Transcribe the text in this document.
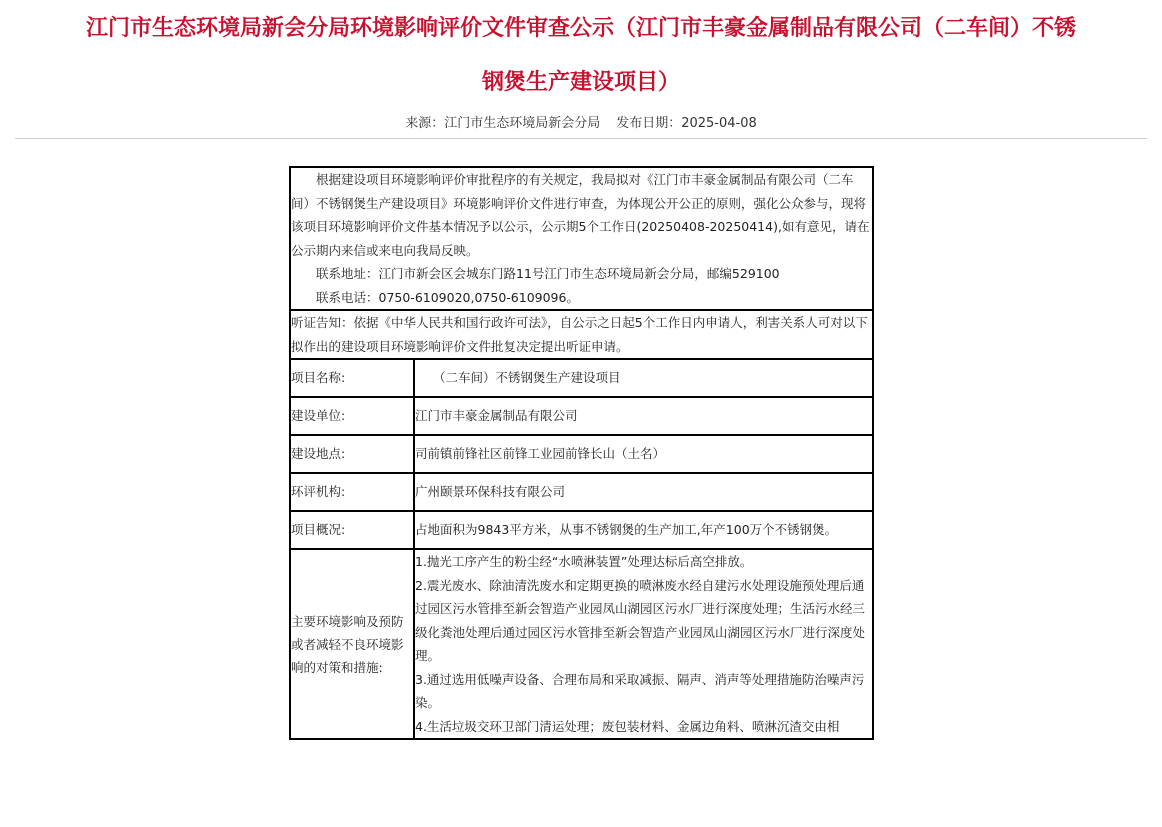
江门市生态环境局新会分局环境影响评价文件审查公示（江门市丰豪金属制品有限公司（二车间）不锈
钢煲生产建设项目）
来源：江门市生态环境局新会分局 发布日期：2025-04-08

根据建设项目环境影响评价审批程序的有关规定，我局拟对《江门市丰豪金属制品有限公司（二车间）不锈钢煲生产建设项目》环境影响评价文件进行审查，为体现公开公正的原则，强化公众参与，现将该项目环境影响评价文件基本情况予以公示，公示期5个工作日(20250408-20250414),如有意见，请在公示期内来信或来电向我局反映。

联系地址：江门市新会区会城东门路11号江门市生态环境局新会分局，邮编529100

联系电话：0750-6109020,0750-6109096。	

听证告知：依据《中华人民共和国行政许可法》，自公示之日起5个工作日内申请人，利害关系人可对以下拟作出的建设项目环境影响评价文件批复决定提出听证申请。	

项目名称:	（二车间）不锈钢煲生产建设项目
建设单位:	江门市丰豪金属制品有限公司
建设地点:	司前镇前锋社区前锋工业园前锋长山（土名）
环评机构:	广州颐景环保科技有限公司
项目概况:	占地面积为9843平方米，从事不锈钢煲的生产加工,年产100万个不锈钢煲。
主要环境影响及预防或者减轻不良环境影响的对策和措施:	1.抛光工序产生的粉尘经“水喷淋装置”处理达标后高空排放。

2.震光废水、除油清洗废水和定期更换的喷淋废水经自建污水处理设施预处理后通过园区污水管排至新会智造产业园凤山湖园区污水厂进行深度处理；生活污水经三级化粪池处理后通过园区污水管排至新会智造产业园凤山湖园区污水厂进行深度处理。

3.通过选用低噪声设备、合理布局和采取减振、隔声、消声等处理措施防治噪声污染。

4.生活垃圾交环卫部门清运处理；废包装材料、金属边角料、喷淋沉渣交由相
